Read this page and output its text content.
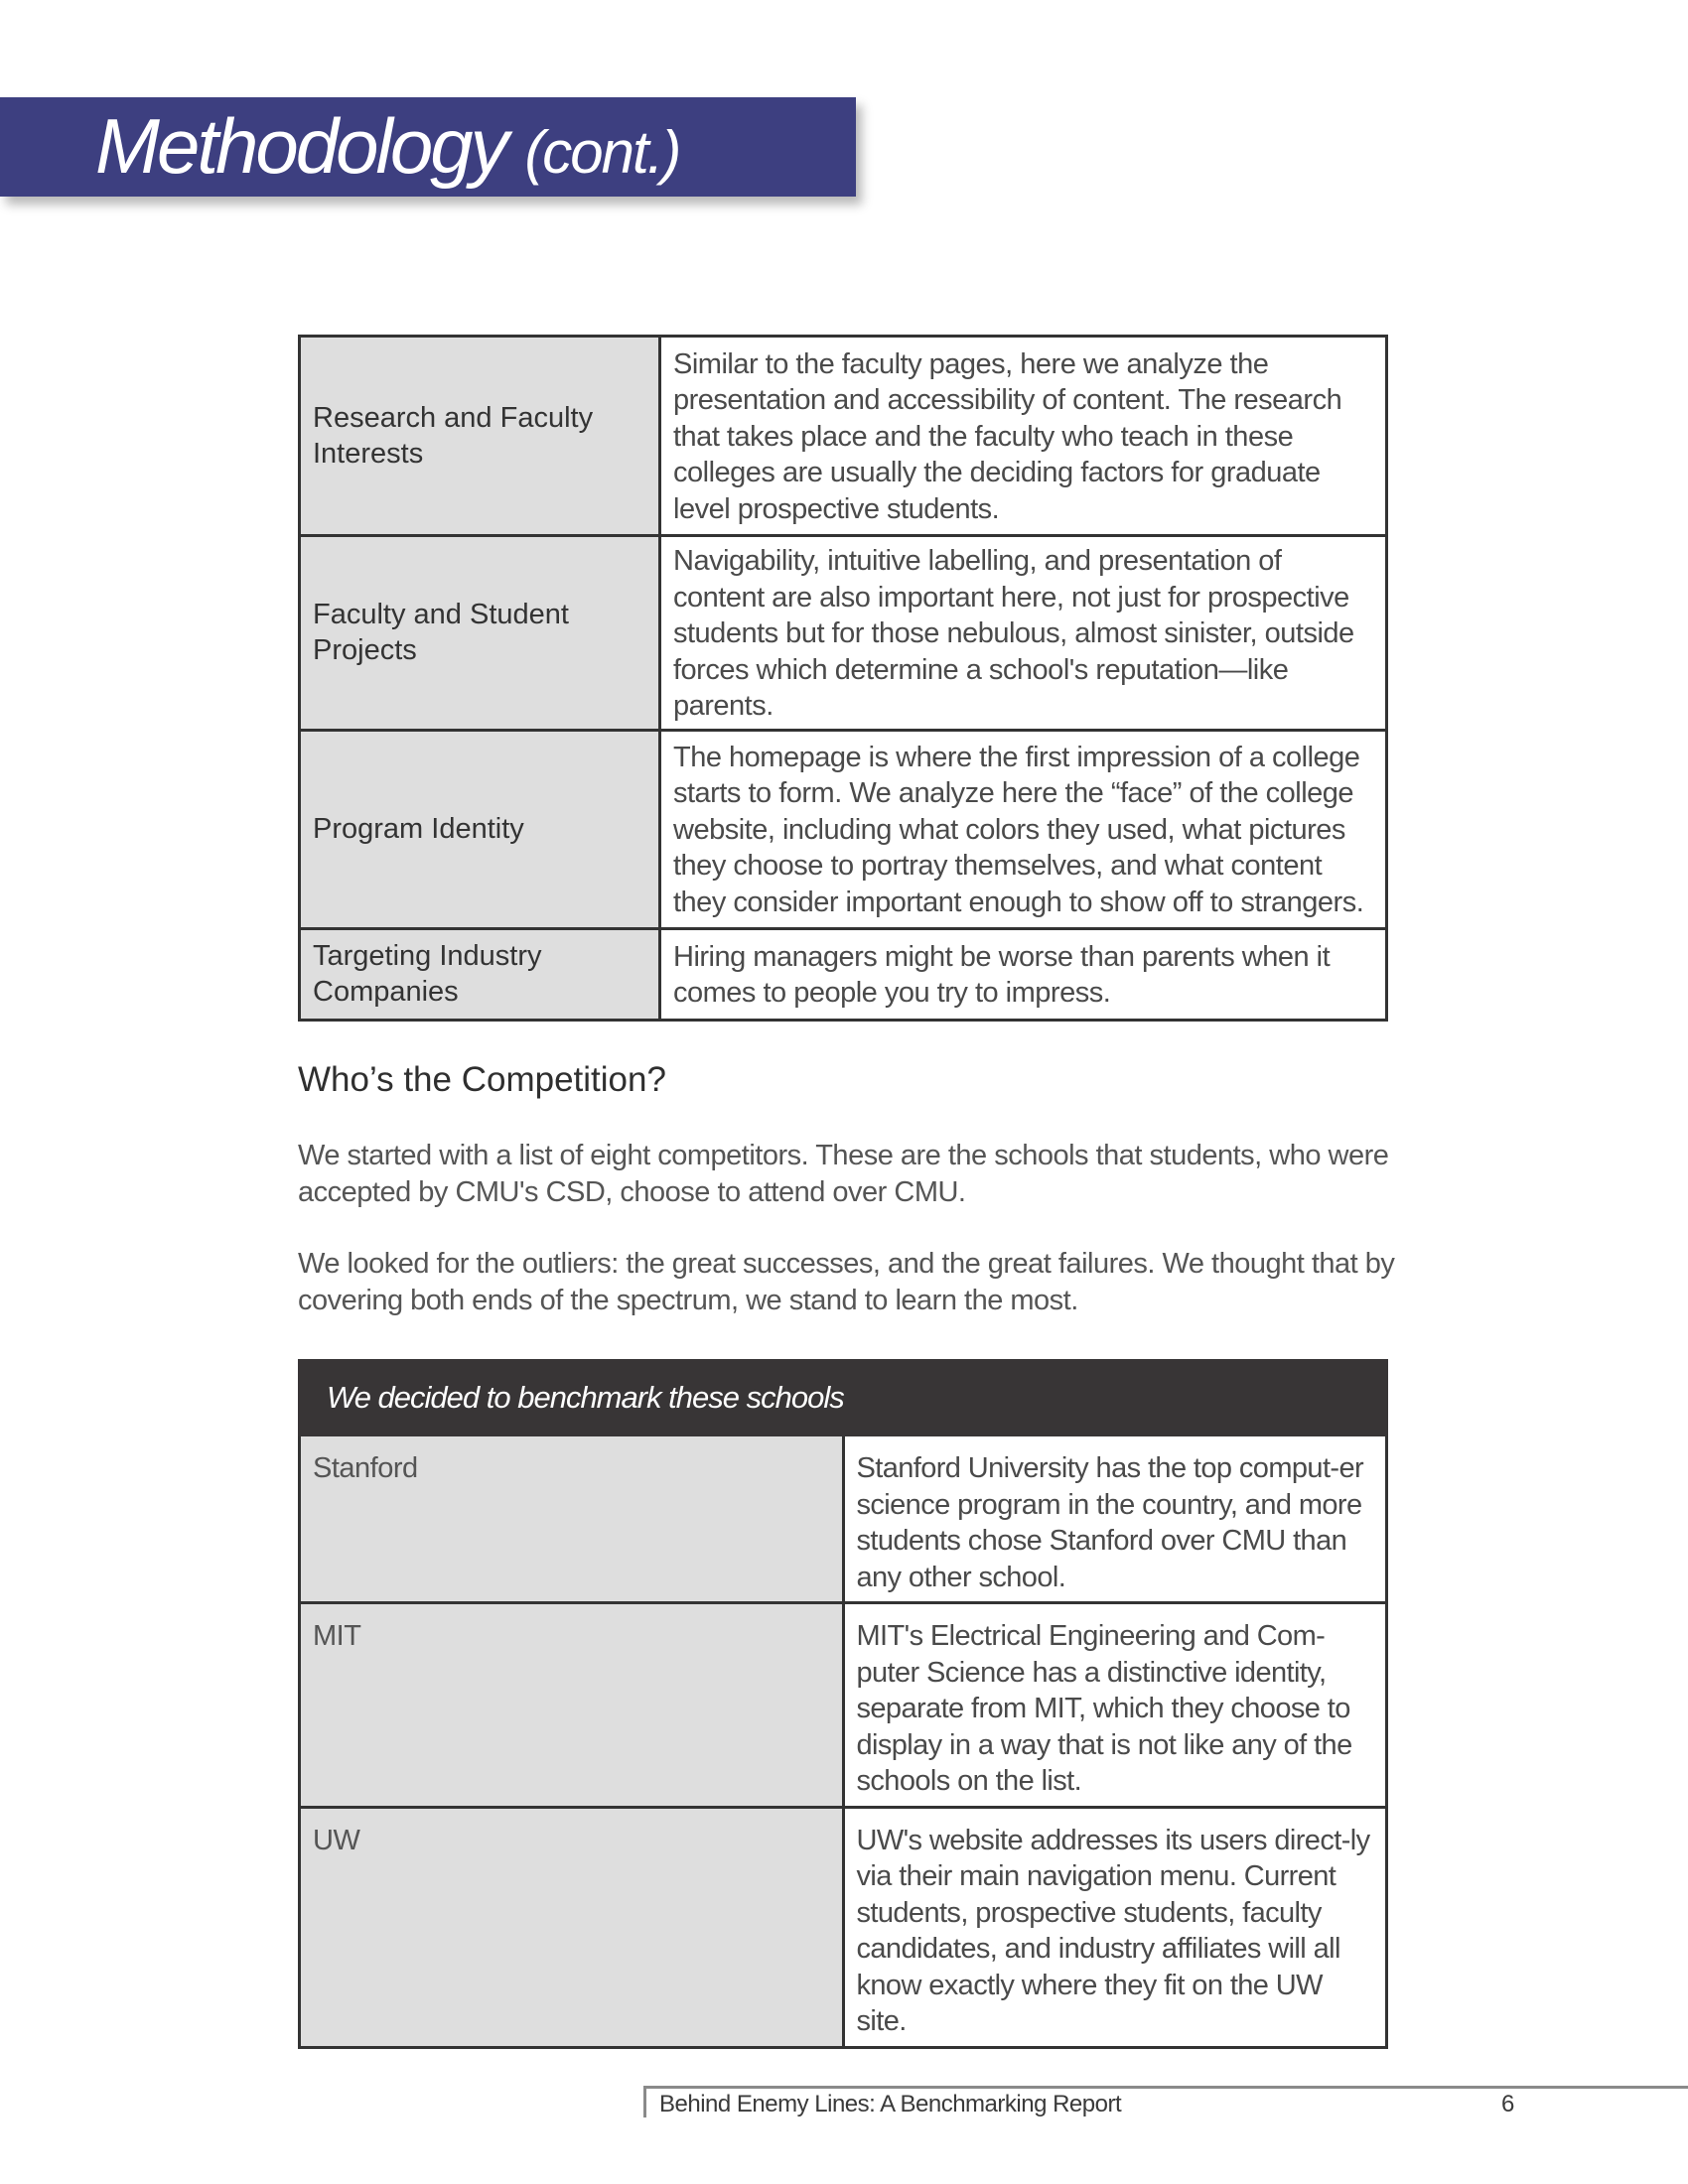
Methodology (cont.)
Research and Faculty Interests	Similar to the faculty pages, here we analyze the presentation and accessibility of content. The research that takes place and the faculty who teach in these colleges are usually the deciding factors for graduate level prospective students.
Faculty and Student Projects	Navigability, intuitive labelling, and presentation of content are also important here, not just for prospective students but for those nebulous, almost sinister, outside forces which determine a school's reputation—like parents.
Program Identity	The homepage is where the first impression of a college starts to form. We analyze here the “face” of the college website, including what colors they used, what pictures they choose to portray themselves, and what content they consider important enough to show off to strangers.
Targeting Industry Companies	Hiring managers might be worse than parents when it comes to people you try to impress.
Who’s the Competition?
We started with a list of eight competitors. These are the schools that students, who were accepted by CMU's CSD, choose to attend over CMU.
We looked for the outliers: the great successes, and the great failures. We thought that by covering both ends of the spectrum, we stand to learn the most.
We decided to benchmark these schools	
Stanford	Stanford University has the top comput-er science program in the country, and more students chose Stanford over CMU than any other school.
MIT	MIT's Electrical Engineering and Com-puter Science has a distinctive identity, separate from MIT, which they choose to display in a way that is not like any of the schools on the list.
UW	UW's website addresses its users direct-ly via their main navigation menu. Current students, prospective students, faculty candidates, and industry affiliates will all know exactly where they fit on the UW site.
Behind Enemy Lines: A Benchmarking Report	6
